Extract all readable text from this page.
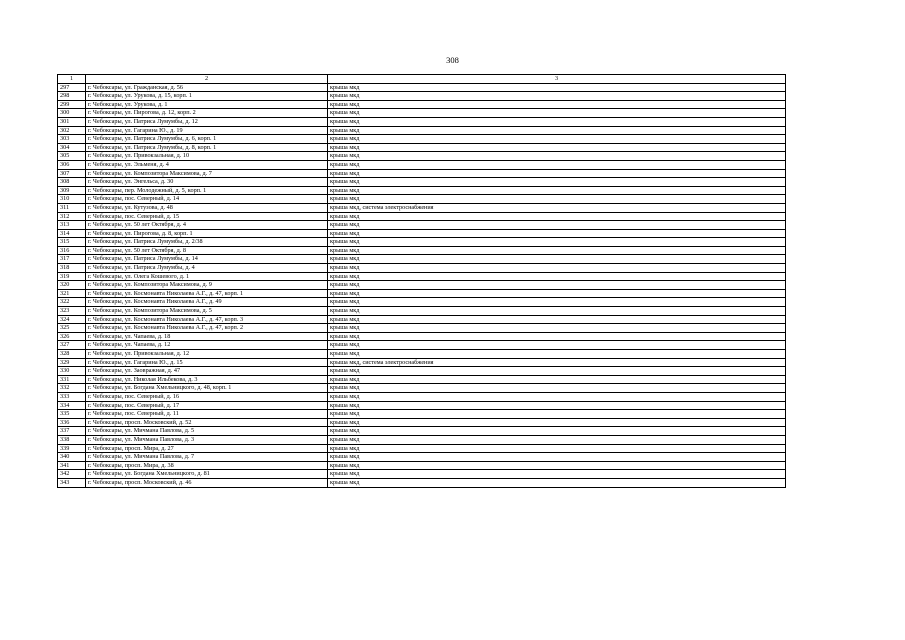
308
1	2	3
297	г. Чебоксары, ул. Гражданская, д. 56	крыша мкд
298	г. Чебоксары, ул. Урукова, д. 15, корп. 1	крыша мкд
299	г. Чебоксары, ул. Урукова, д. 1	крыша мкд
300	г. Чебоксары, ул. Пирогова, д. 12, корп. 2	крыша мкд
301	г. Чебоксары, ул. Патриса Лумумбы, д. 12	крыша мкд
302	г. Чебоксары, ул. Гагарина Ю., д. 19	крыша мкд
303	г. Чебоксары, ул. Патриса Лумумбы, д. 6, корп. 1	крыша мкд
304	г. Чебоксары, ул. Патриса Лумумбы, д. 8, корп. 1	крыша мкд
305	г. Чебоксары, ул. Привокзальная, д. 10	крыша мкд
306	г. Чебоксары, ул. Эльменя, д. 4	крыша мкд
307	г. Чебоксары, ул. Композитора Максимова, д. 7	крыша мкд
308	г. Чебоксары, ул. Энгельса, д. 30	крыша мкд
309	г. Чебоксары, пер. Молодежный, д. 5, корп. 1	крыша мкд
310	г. Чебоксары, пос. Северный, д. 14	крыша мкд
311	г. Чебоксары, ул. Кутузова, д. 48	крыша мкд, система электроснабжения
312	г. Чебоксары, пос. Северный, д. 15	крыша мкд
313	г. Чебоксары, ул. 50 лет Октября, д. 4	крыша мкд
314	г. Чебоксары, ул. Пирогова, д. 8, корп. 1	крыша мкд
315	г. Чебоксары, ул. Патриса Лумумбы, д. 2/38	крыша мкд
316	г. Чебоксары, ул. 50 лет Октября, д. 8	крыша мкд
317	г. Чебоксары, ул. Патриса Лумумбы, д. 14	крыша мкд
318	г. Чебоксары, ул. Патриса Лумумбы, д. 4	крыша мкд
319	г. Чебоксары, ул. Олега Кошевого, д. 1	крыша мкд
320	г. Чебоксары, ул. Композитора Максимова, д. 9	крыша мкд
321	г. Чебоксары, ул. Космонавта Николаева А.Г., д. 47, корп. 1	крыша мкд
322	г. Чебоксары, ул. Космонавта Николаева А.Г., д. 49	крыша мкд
323	г. Чебоксары, ул. Композитора Максимова, д. 5	крыша мкд
324	г. Чебоксары, ул. Космонавта Николаева А.Г., д. 47, корп. 3	крыша мкд
325	г. Чебоксары, ул. Космонавта Николаева А.Г., д. 47, корп. 2	крыша мкд
326	г. Чебоксары, ул. Чапаева, д. 18	крыша мкд
327	г. Чебоксары, ул. Чапаева, д. 12	крыша мкд
328	г. Чебоксары, ул. Привокзальная, д. 12	крыша мкд
329	г. Чебоксары, ул. Гагарина Ю., д. 15	крыша мкд, система электроснабжения
330	г. Чебоксары, ул. Заовражная, д. 47	крыша мкд
331	г. Чебоксары, ул. Николая Ильбекова, д. 3	крыша мкд
332	г. Чебоксары, ул. Богдана Хмельницкого, д. 48, корп. 1	крыша мкд
333	г. Чебоксары, пос. Северный, д. 16	крыша мкд
334	г. Чебоксары, пос. Северный, д. 17	крыша мкд
335	г. Чебоксары, пос. Северный, д. 11	крыша мкд
336	г. Чебоксары, просп. Московский, д. 52	крыша мкд
337	г. Чебоксары, ул. Мичмана Павлова, д. 5	крыша мкд
338	г. Чебоксары, ул. Мичмана Павлова, д. 3	крыша мкд
339	г. Чебоксары, просп. Мира, д. 27	крыша мкд
340	г. Чебоксары, ул. Мичмана Павлова, д. 7	крыша мкд
341	г. Чебоксары, просп. Мира, д. 38	крыша мкд
342	г. Чебоксары, ул. Богдана Хмельницкого, д. 81	крыша мкд
343	г. Чебоксары, просп. Московский, д. 46	крыша мкд
